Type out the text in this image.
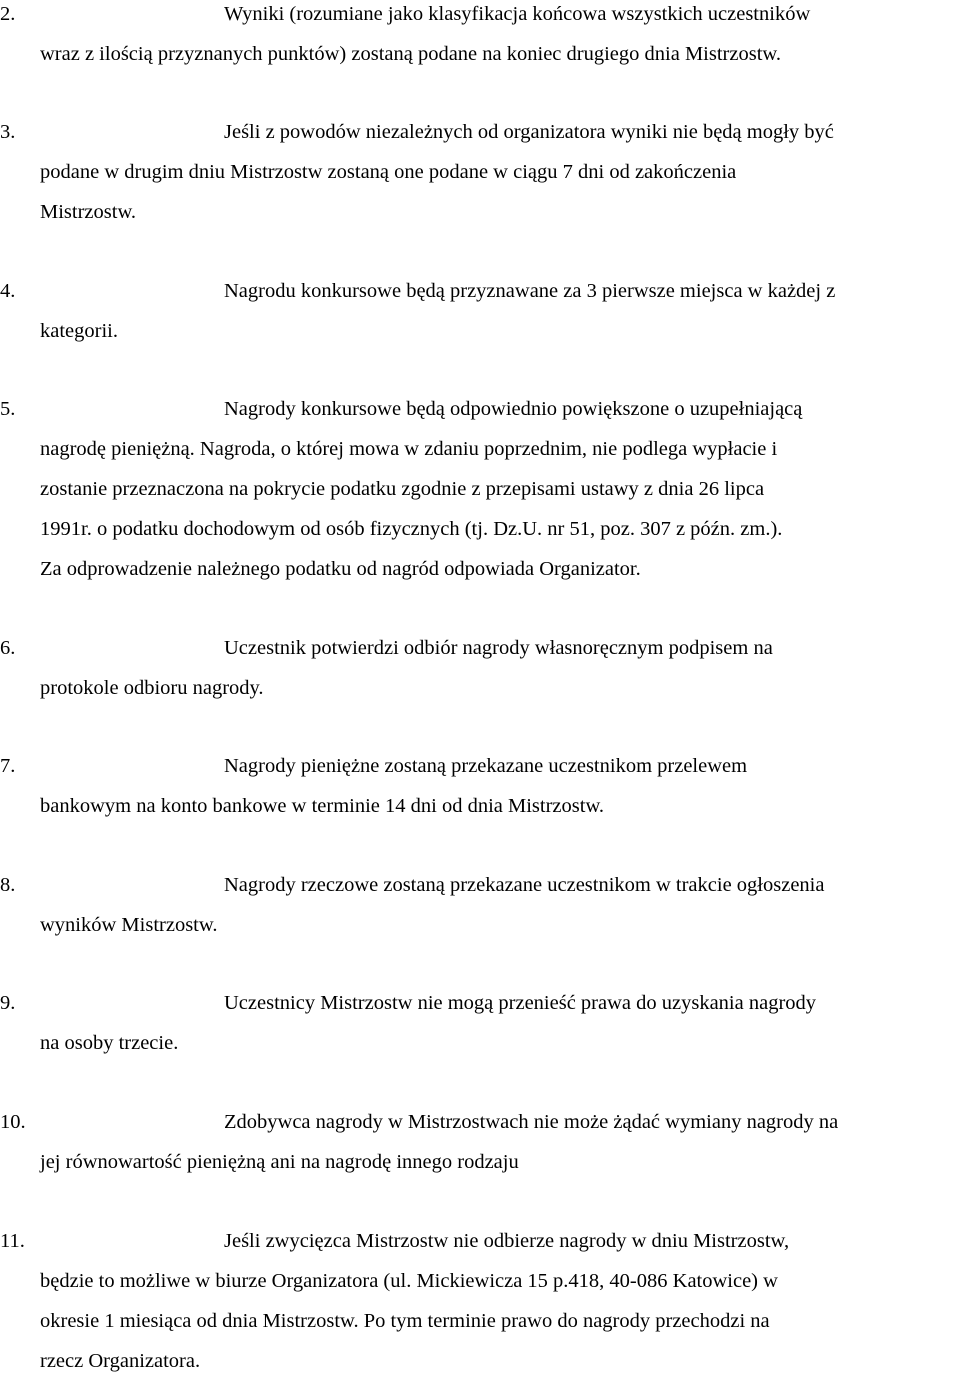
2.	Wyniki (rozumiane jako klasyfikacja końcowa wszystkich uczestników
wraz z ilością przyznanych punktów) zostaną podane na koniec drugiego dnia Mistrzostw.
3.	Jeśli z powodów niezależnych od organizatora wyniki nie będą mogły być
podane w drugim dniu Mistrzostw zostaną one podane w ciągu 7 dni od zakończenia
Mistrzostw.
4.	Nagrodu konkursowe będą przyznawane za 3 pierwsze miejsca w każdej z
kategorii.
5.	Nagrody konkursowe będą odpowiednio powiększone o uzupełniającą
nagrodę pieniężną. Nagroda, o której mowa w zdaniu poprzednim, nie podlega wypłacie i
zostanie przeznaczona na pokrycie podatku zgodnie z przepisami ustawy z dnia 26 lipca
1991r. o podatku dochodowym od osób fizycznych (tj. Dz.U. nr 51, poz. 307 z późn. zm.).
Za odprowadzenie należnego podatku od nagród odpowiada Organizator.
6.	Uczestnik potwierdzi odbiór nagrody własnoręcznym podpisem na
protokole odbioru nagrody.
7.	Nagrody pieniężne zostaną przekazane uczestnikom przelewem
bankowym na konto bankowe w terminie 14 dni od dnia Mistrzostw.
8.	Nagrody rzeczowe zostaną przekazane uczestnikom w trakcie ogłoszenia
wyników Mistrzostw.
9.	Uczestnicy Mistrzostw nie mogą przenieść prawa do uzyskania nagrody
na osoby trzecie.
10.	Zdobywca nagrody w Mistrzostwach nie może żądać wymiany nagrody na
jej równowartość pieniężną ani na nagrodę innego rodzaju
11.	Jeśli zwycięzca Mistrzostw nie odbierze nagrody w dniu Mistrzostw,
będzie to możliwe w biurze Organizatora (ul. Mickiewicza 15 p.418, 40-086 Katowice) w
okresie 1 miesiąca od dnia Mistrzostw. Po tym terminie prawo do nagrody przechodzi na
rzecz Organizatora.
